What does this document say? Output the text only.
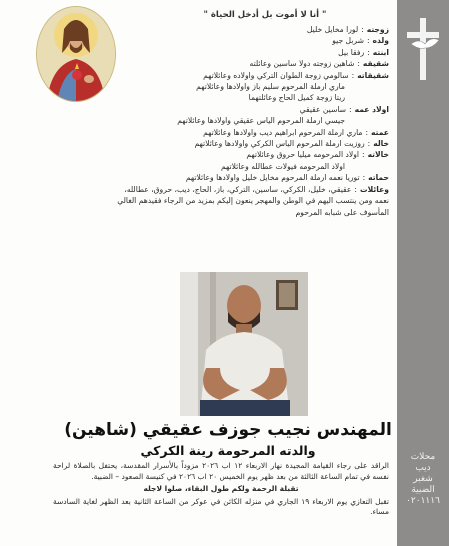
" أنا لا أموت بل أدخل الحياة "
زوجته:لورا مخايل خليل
ولده:شربل جيو
ابنته:رفقا بيل
شقيقه:شاهين زوجته دولا ساسين وعائلته
شقيقاته:سالومي زوجة الطوان التركي واولاده وعائلاتهم
ماري ارملة المرحوم سليم باز واولادها وعائلاتهم
ريتا زوجة كميل الحاج وعائلتهما
اولاد عمه:ساسين عقيقي
جيسي ارملة المرحوم الياس عقيقي واولادها وعائلاتهم
عمته:ماري ارملة المرحوم ابراهيم ديب واولادها وعائلاتهم
خاله:روزيت ارملة المرحوم الياس الكركي واولادها وعائلاتهم
خالاته:اولاد المرحومه ميليا حروق وعائلاتهم
اولاد المرحومه فيولات عطالله وعائلاتهم
حماته:توريا نعمه ارملة المرحوم مخايل خليل واولادها وعائلاتهم
وعائلات:عقيقي، خليل، الكركي، ساسين، التركي، باز، الحاج، ديب، حروق، عطالله،
نعمه ومن ينتسب اليهم في الوطن والمهجر ينعون إليكم بمزيد من الرجاء فقيدهم الغالي
المأسوف على شبابه المرحوم
المهندس نجيب جوزف عقيقي (شاهين)
والدته المرحومة رينة الكركي
الراقد على رجاء القيامة المجيدة نهار الاربعاء ١٢ اب ٢٠٢٦ مزوداً بالأسرار المقدسة، يحتفل بالصلاة لراحة نفسه في تمام الساعة الثالثة من بعد ظهر يوم الخميس ٢٠ اب ٢٠٢٦ في كنيسة الصعود – الضبية.
تقبلة الرحمة ولكم طول البقاء، صلوا لاجله
تقبل التعازي يوم الاربعاء ١٩ الجاري في منزله الكائن في عوكر من الساعة الثانية بعد الظهر لغاية السادسة مساء.
محلات
ديب
شغبر
الضبية
٠٢٠١١١٦
